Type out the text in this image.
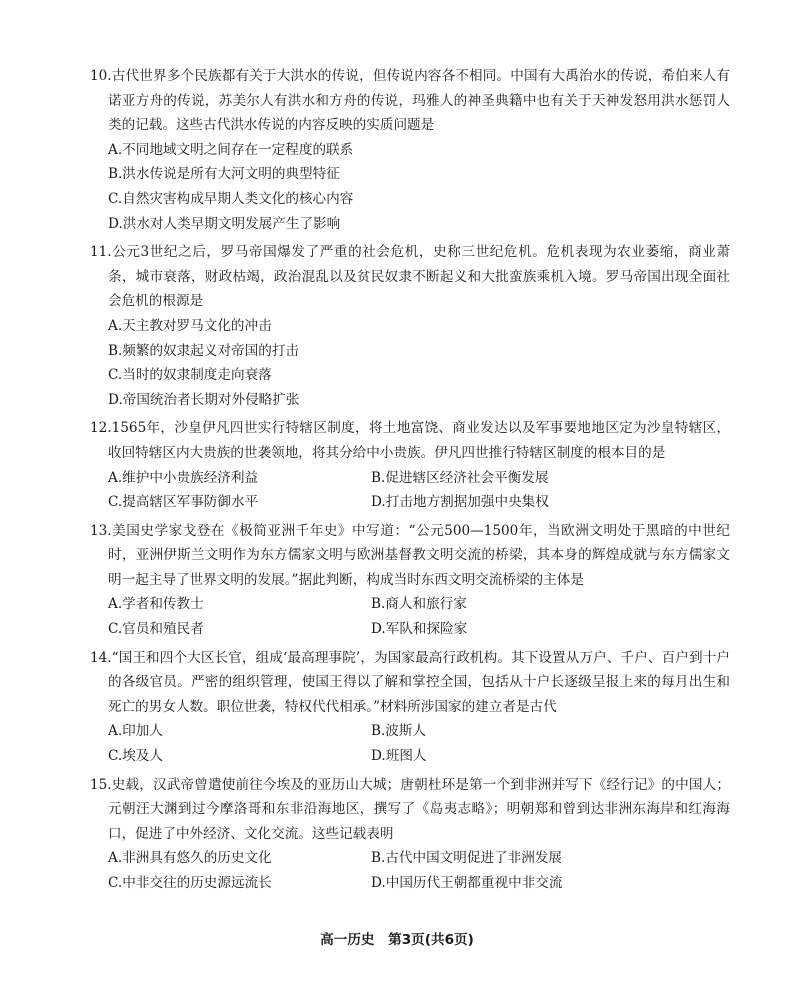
10.古代世界多个民族都有关于大洪水的传说，但传说内容各不相同。中国有大禹治水的传说，希伯来人有诺亚方舟的传说，苏美尔人有洪水和方舟的传说，玛雅人的神圣典籍中也有关于天神发怒用洪水惩罚人类的记载。这些古代洪水传说的内容反映的实质问题是

A.不同地域文明之间存在一定程度的联系
B.洪水传说是所有大河文明的典型特征
C.自然灾害构成早期人类文化的核心内容
D.洪水对人类早期文明发展产生了影响

11.公元3世纪之后，罗马帝国爆发了严重的社会危机，史称三世纪危机。危机表现为农业萎缩，商业萧条，城市衰落，财政枯竭，政治混乱以及贫民奴隶不断起义和大批蛮族乘机入境。罗马帝国出现全面社会危机的根源是

A.天主教对罗马文化的冲击
B.频繁的奴隶起义对帝国的打击
C.当时的奴隶制度走向衰落
D.帝国统治者长期对外侵略扩张

12.1565年，沙皇伊凡四世实行特辖区制度，将土地富饶、商业发达以及军事要地地区定为沙皇特辖区，收回特辖区内大贵族的世袭领地，将其分给中小贵族。伊凡四世推行特辖区制度的根本目的是

A.维护中小贵族经济利益	B.促进辖区经济社会平衡发展
C.提高辖区军事防御水平	D.打击地方割据加强中央集权

13.美国史学家戈登在《极简亚洲千年史》中写道：“公元500—1500年，当欧洲文明处于黑暗的中世纪时，亚洲伊斯兰文明作为东方儒家文明与欧洲基督教文明交流的桥梁，其本身的辉煌成就与东方儒家文明一起主导了世界文明的发展。”据此判断，构成当时东西文明交流桥梁的主体是

A.学者和传教士	B.商人和旅行家
C.官员和殖民者	D.军队和探险家

14.“国王和四个大区长官，组成‘最高理事院’，为国家最高行政机构。其下设置从万户、千户、百户到十户的各级官员。严密的组织管理，使国王得以了解和掌控全国，包括从十户长逐级呈报上来的每月出生和死亡的男女人数。职位世袭，特权代代相承。”材料所涉国家的建立者是古代

A.印加人	B.波斯人
C.埃及人	D.班图人

15.史载，汉武帝曾遣使前往今埃及的亚历山大城；唐朝杜环是第一个到非洲并写下《经行记》的中国人；元朝汪大渊到过今摩洛哥和东非沿海地区，撰写了《岛夷志略》；明朝郑和曾到达非洲东海岸和红海海口，促进了中外经济、文化交流。这些记载表明

A.非洲具有悠久的历史文化	B.古代中国文明促进了非洲发展
C.中非交往的历史源远流长	D.中国历代王朝都重视中非交流
高一历史　第3页(共6页)
